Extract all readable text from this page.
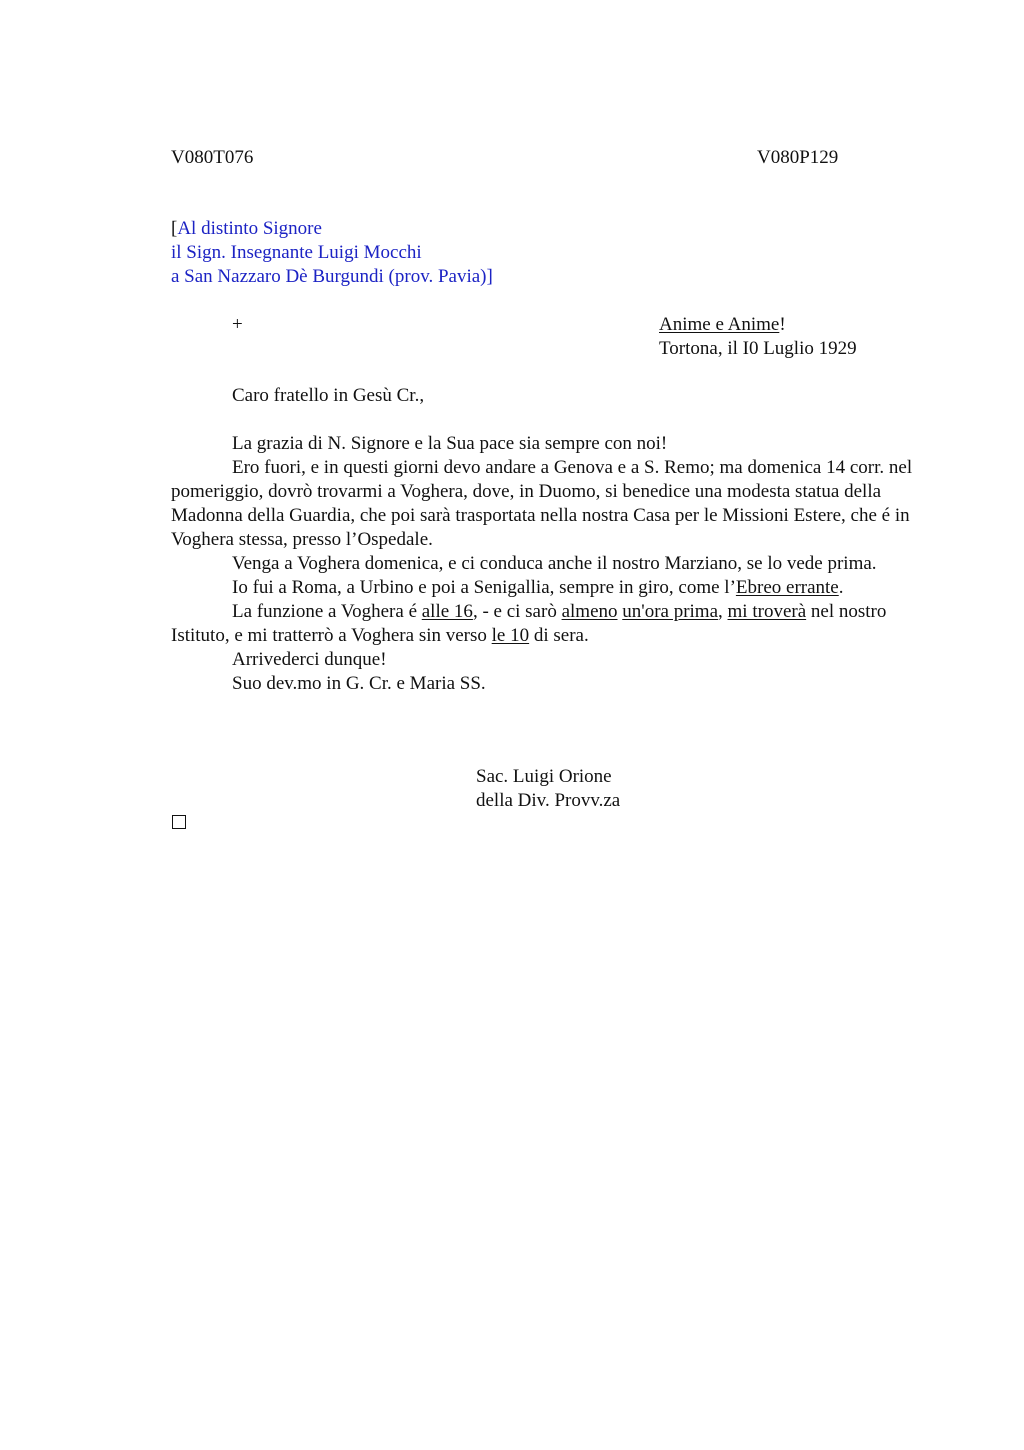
V080T076	V080P129
[Al distinto Signore
il Sign. Insegnante Luigi Mocchi
a San Nazzaro Dè Burgundi (prov. Pavia)]
+	Anime e Anime!
Tortona, il I0 Luglio 1929
Caro fratello in Gesù Cr.,

La grazia di N. Signore e la Sua pace sia sempre con noi!

Ero fuori, e in questi giorni devo andare a Genova e a S. Remo; ma domenica 14 corr. nel pomeriggio, dovrò trovarmi a Voghera, dove, in Duomo, si benedice una modesta statua della Madonna della Guardia, che poi sarà trasportata nella nostra Casa per le Missioni Estere, che é in Voghera stessa, presso l’Ospedale.

Venga a Voghera domenica, e ci conduca anche il nostro Marziano, se lo vede prima.

Io fui a Roma, a Urbino e poi a Senigallia, sempre in giro, come l’Ebreo errante.

La funzione a Voghera é alle 16, - e ci sarò almeno un'ora prima, mi troverà nel nostro Istituto, e mi tratterrò a Voghera sin verso le 10 di sera.

Arrivederci dunque!

Suo dev.mo in G. Cr. e Maria SS.

Sac. Luigi Orione
della Div. Provv.za
